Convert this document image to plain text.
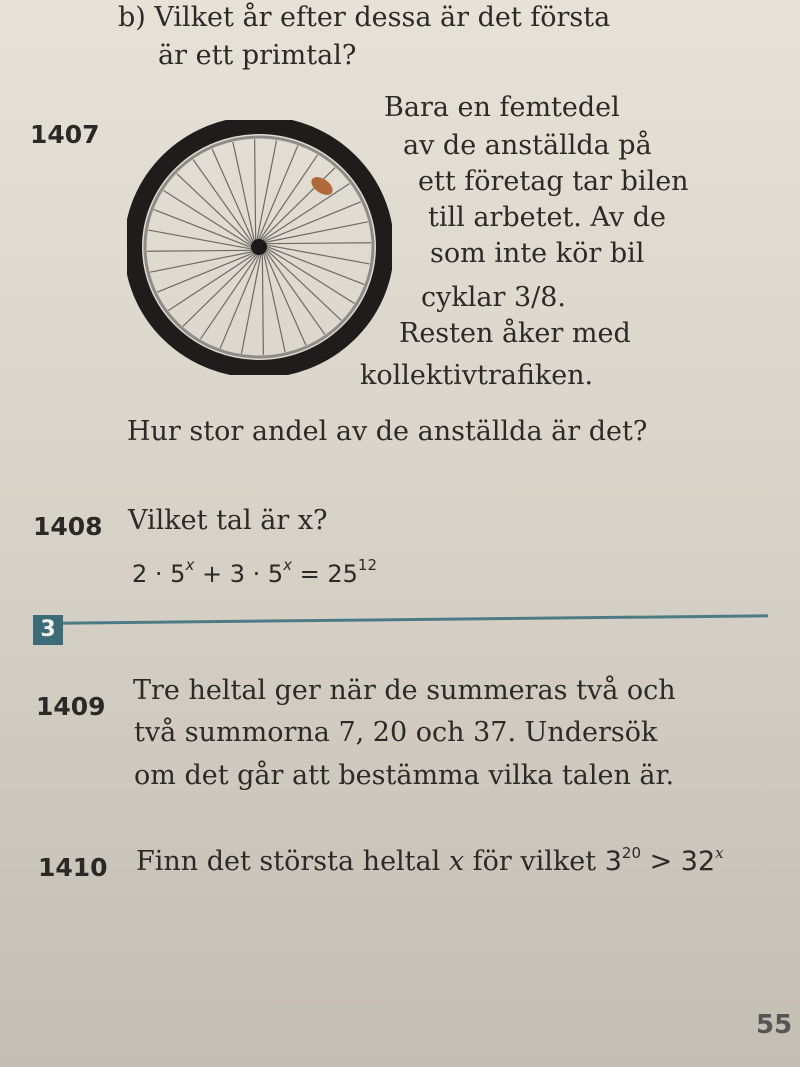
b) Vilket år efter dessa är det första
är ett primtal?
1407
Bara en femtedel
av de anställda på
ett företag tar bilen
till arbetet. Av de
som inte kör bil
cyklar 3/8.
Resten åker med
kollektivtrafiken.
Hur stor andel av de anställda är det?
1408 Vilket tal är x?
$2 \cdot 5^x + 3 \cdot 5^x = 25^{12}$
3
1409
Tre heltal ger när de summeras två och
två summorna 7, 20 och 37. Undersök
om det går att bestämma vilka talen är.
1410 Finn det största heltal x för vilket $3^{20} > 32^x$
55
